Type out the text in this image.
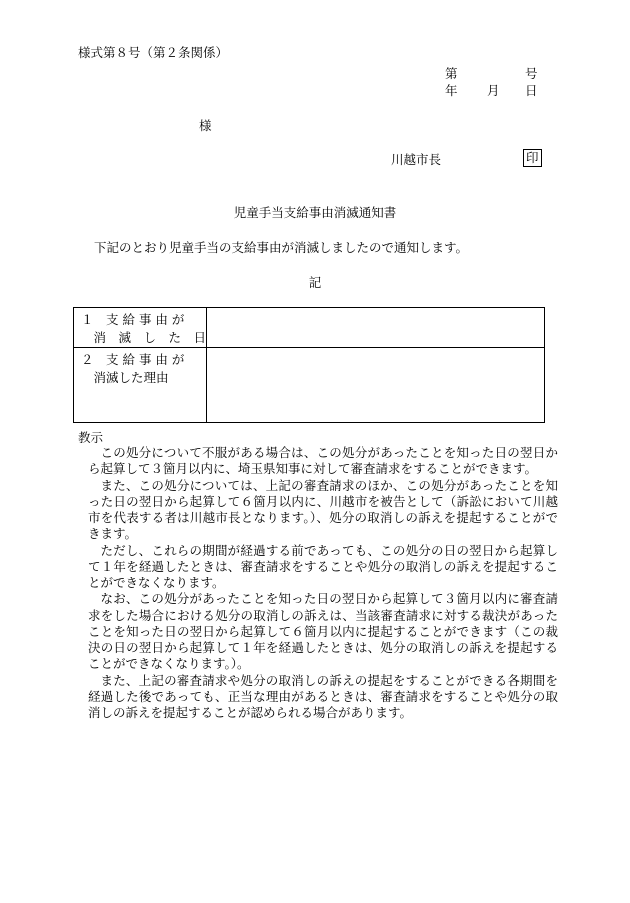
様式第８号（第２条関係）
第	号
年 月 日
様
川越市長	印
児童手当支給事由消滅通知書
下記のとおり児童手当の支給事由が消滅しましたので通知します。
記
１　支 給 事 由 が
　消　滅　し　た　日	

２　支 給 事 由 が
　消滅した理由	

教示

この処分について不服がある場合は、この処分があったことを知った日の翌日から起算して３箇月以内に、埼玉県知事に対して審査請求をすることができます。

また、この処分については、上記の審査請求のほか、この処分があったことを知った日の翌日から起算して６箇月以内に、川越市を被告として（訴訟において川越市を代表する者は川越市長となります。）、処分の取消しの訴えを提起することができます。

ただし、これらの期間が経過する前であっても、この処分の日の翌日から起算して１年を経過したときは、審査請求をすることや処分の取消しの訴えを提起することができなくなります。

なお、この処分があったことを知った日の翌日から起算して３箇月以内に審査請求をした場合における処分の取消しの訴えは、当該審査請求に対する裁決があったことを知った日の翌日から起算して６箇月以内に提起することができます（この裁決の日の翌日から起算して１年を経過したときは、処分の取消しの訴えを提起することができなくなります。）。

また、上記の審査請求や処分の取消しの訴えの提起をすることができる各期間を経過した後であっても、正当な理由があるときは、審査請求をすることや処分の取消しの訴えを提起することが認められる場合があります。
